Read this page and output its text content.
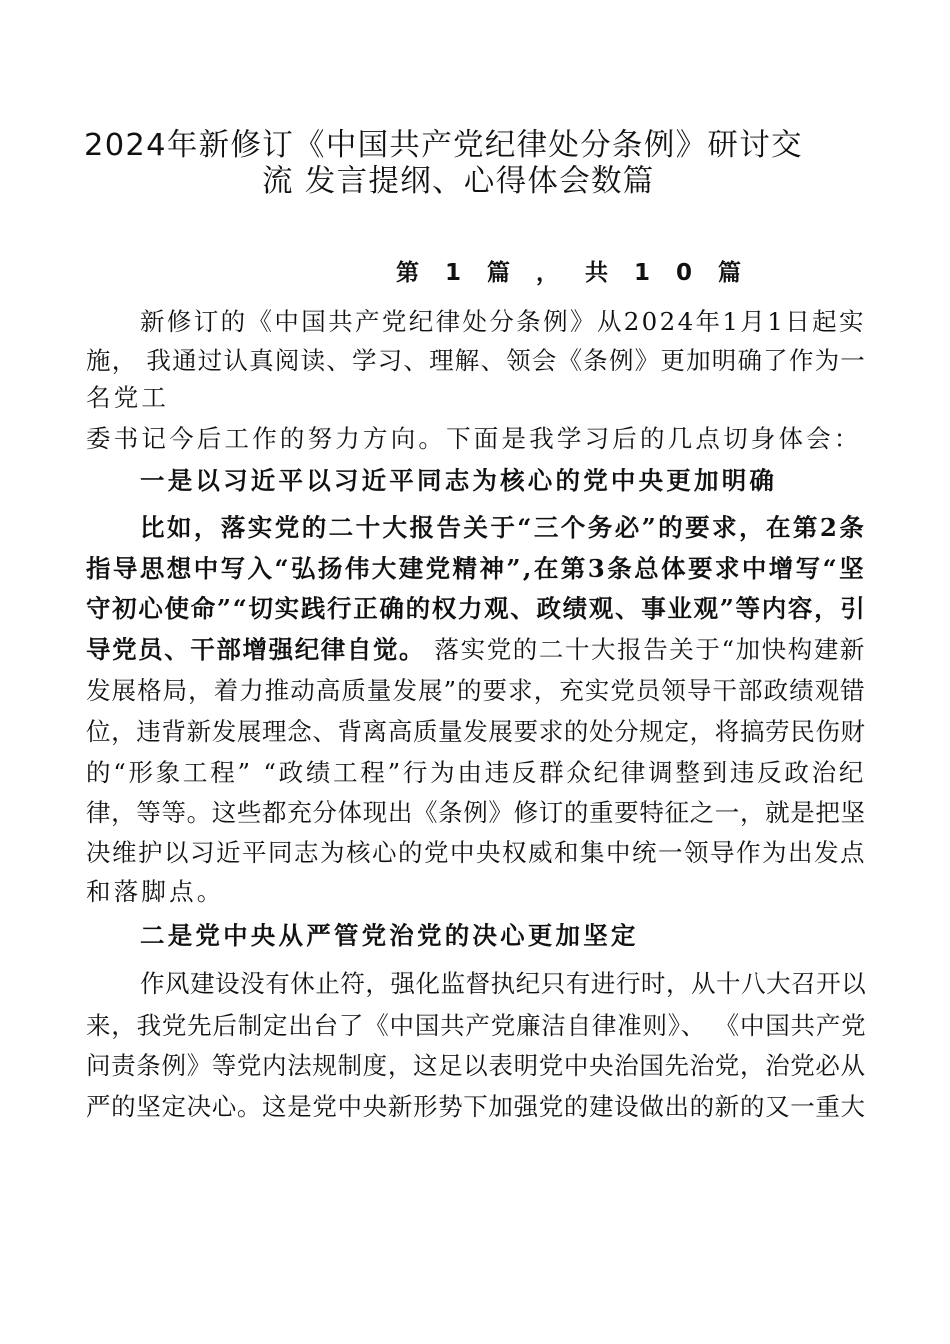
2024年新修订《中国共产党纪律处分条例》研讨交
流 发言提纲、心得体会数篇
第 1 篇 ， 共 1 0 篇
新修订的《中国共产党纪律处分条例》从2024年1月1日起实
施， 我通过认真阅读、学习、理解、领会《条例》更加明确了作为一
名党工
委书记今后工作的努力方向。下面是我学习后的几点切身体会：
一是以习近平以习近平同志为核心的党中央更加明确
比如，落实党的二十大报告关于“三个务必”的要求，在第2条
指导思想中写入“弘扬伟大建党精神”,在第3条总体要求中增写“坚
守初心使命”“切实践行正确的权力观、政绩观、事业观”等内容，引
导党员、干部增强纪律自觉。 落实党的二十大报告关于“加快构建新
发展格局，着力推动高质量发展”的要求，充实党员领导干部政绩观错
位，违背新发展理念、背离高质量发展要求的处分规定，将搞劳民伤财
的“形象工程” “政绩工程”行为由违反群众纪律调整到违反政治纪
律，等等。这些都充分体现出《条例》修订的重要特征之一，就是把坚
决维护以习近平同志为核心的党中央权威和集中统一领导作为出发点
和落脚点。
二是党中央从严管党治党的决心更加坚定
作风建设没有休止符，强化监督执纪只有进行时，从十八大召开以
来，我党先后制定出台了《中国共产党廉洁自律准则》、 《中国共产党
问责条例》等党内法规制度，这足以表明党中央治国先治党，治党必从
严的坚定决心。这是党中央新形势下加强党的建设做出的新的又一重大
